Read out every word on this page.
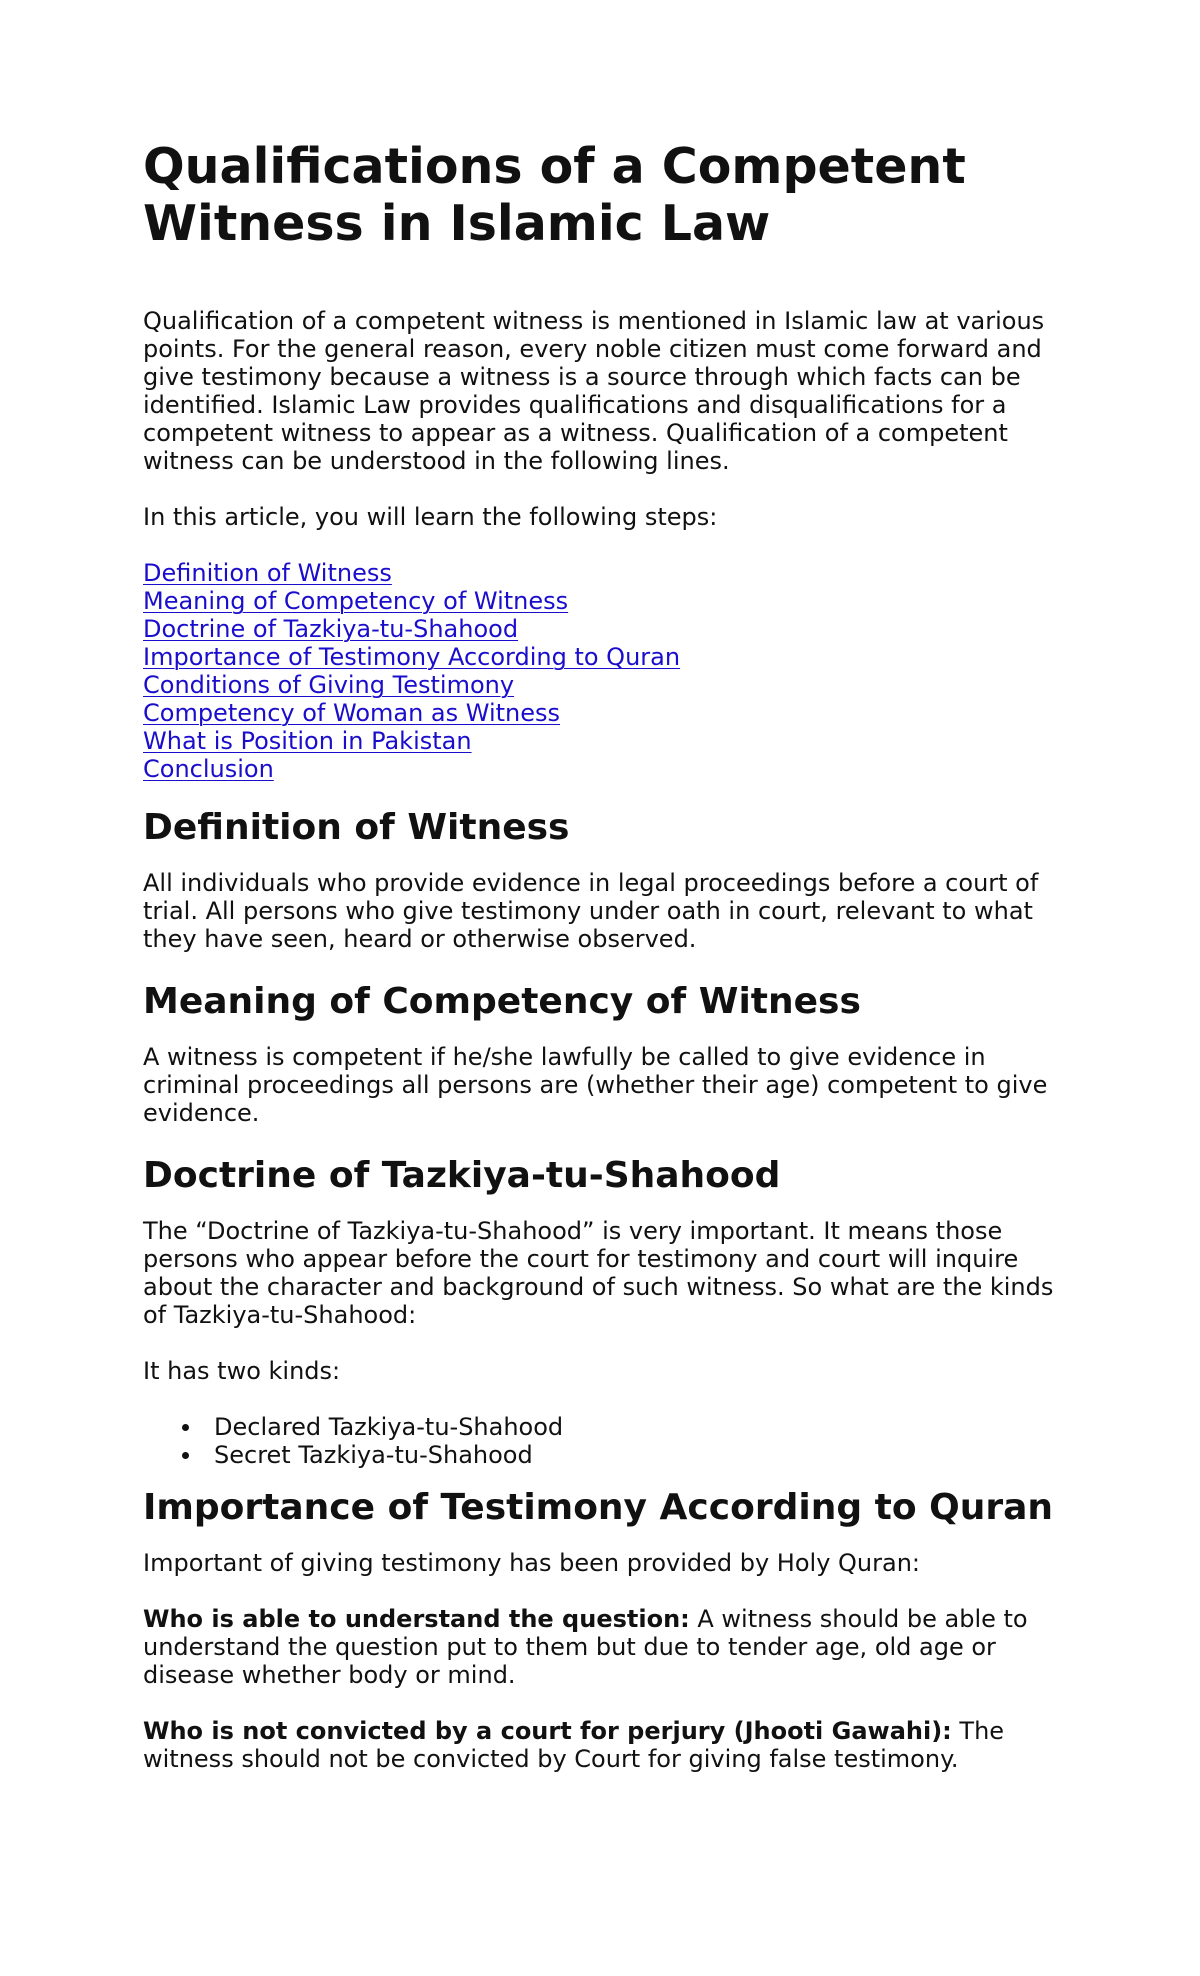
Qualifications of a Competent Witness in Islamic Law

Qualification of a competent witness is mentioned in Islamic law at various points. For the general reason, every noble citizen must come forward and give testimony because a witness is a source through which facts can be identified. Islamic Law provides qualifications and disqualifications for a competent witness to appear as a witness. Qualification of a competent witness can be understood in the following lines.

In this article, you will learn the following steps:

Definition of Witness
Meaning of Competency of Witness
Doctrine of Tazkiya-tu-Shahood
Importance of Testimony According to Quran
Conditions of Giving Testimony
Competency of Woman as Witness
What is Position in Pakistan
Conclusion
Definition of Witness

All individuals who provide evidence in legal proceedings before a court of trial. All persons who give testimony under oath in court, relevant to what they have seen, heard or otherwise observed.

Meaning of Competency of Witness

A witness is competent if he/she lawfully be called to give evidence in criminal proceedings all persons are (whether their age) competent to give evidence.

Doctrine of Tazkiya-tu-Shahood

The “Doctrine of Tazkiya-tu-Shahood” is very important. It means those persons who appear before the court for testimony and court will inquire about the character and background of such witness. So what are the kinds of Tazkiya-tu-Shahood:

It has two kinds:

Declared Tazkiya-tu-Shahood
Secret Tazkiya-tu-Shahood
Importance of Testimony According to Quran

Important of giving testimony has been provided by Holy Quran:

Who is able to understand the question: A witness should be able to understand the question put to them but due to tender age, old age or disease whether body or mind.

Who is not convicted by a court for perjury (Jhooti Gawahi): The witness should not be convicted by Court for giving false testimony.
